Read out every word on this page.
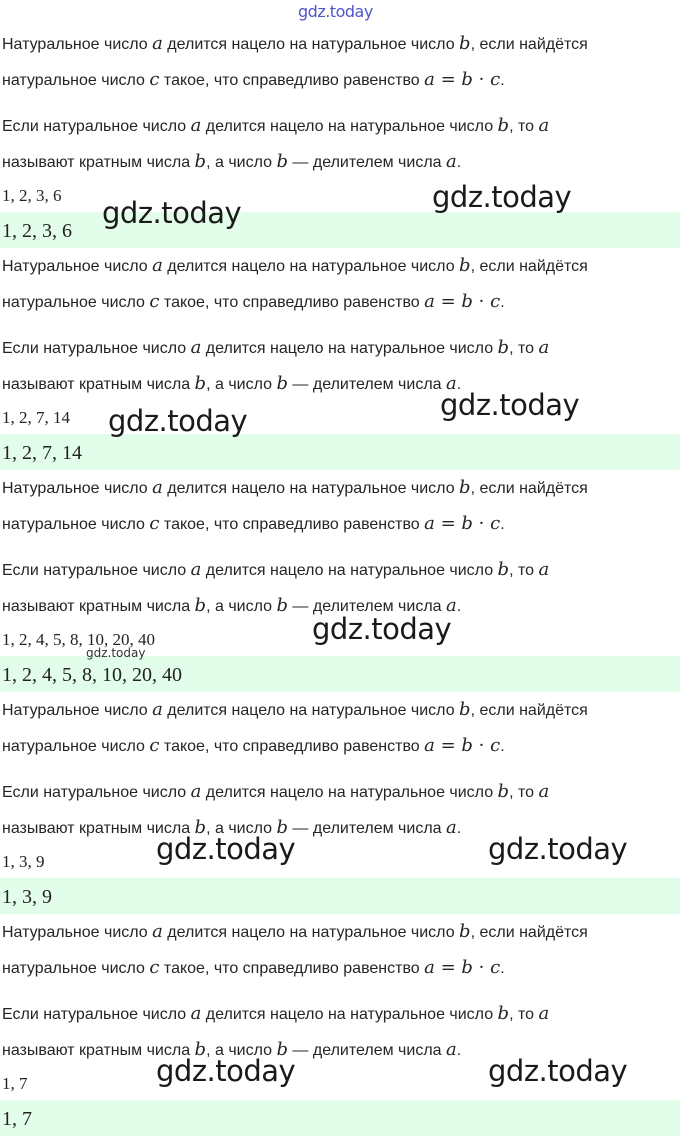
gdz.today
Натуральное число a делится нацело на натуральное число b, если найдётся
натуральное число c такое, что справедливо равенство a = b · c.
Если натуральное число a делится нацело на натуральное число b, то a
называют кратным числа b, а число b — делителем числа a.
1, 2, 3, 6
1, 2, 3, 6
gdz.today	gdz.today
Натуральное число a делится нацело на натуральное число b, если найдётся
натуральное число c такое, что справедливо равенство a = b · c.
Если натуральное число a делится нацело на натуральное число b, то a
называют кратным числа b, а число b — делителем числа a.
1, 2, 7, 14
1, 2, 7, 14
gdz.today	gdz.today
Натуральное число a делится нацело на натуральное число b, если найдётся
натуральное число c такое, что справедливо равенство a = b · c.
Если натуральное число a делится нацело на натуральное число b, то a
называют кратным числа b, а число b — делителем числа a.
1, 2, 4, 5, 8, 10, 20, 40
1, 2, 4, 5, 8, 10, 20, 40
gdz.today
gdz.today
Натуральное число a делится нацело на натуральное число b, если найдётся
натуральное число c такое, что справедливо равенство a = b · c.
Если натуральное число a делится нацело на натуральное число b, то a
называют кратным числа b, а число b — делителем числа a.
1, 3, 9
1, 3, 9
gdz.today	gdz.today
Натуральное число a делится нацело на натуральное число b, если найдётся
натуральное число c такое, что справедливо равенство a = b · c.
Если натуральное число a делится нацело на натуральное число b, то a
называют кратным числа b, а число b — делителем числа a.
1, 7
1, 7
gdz.today	gdz.today
